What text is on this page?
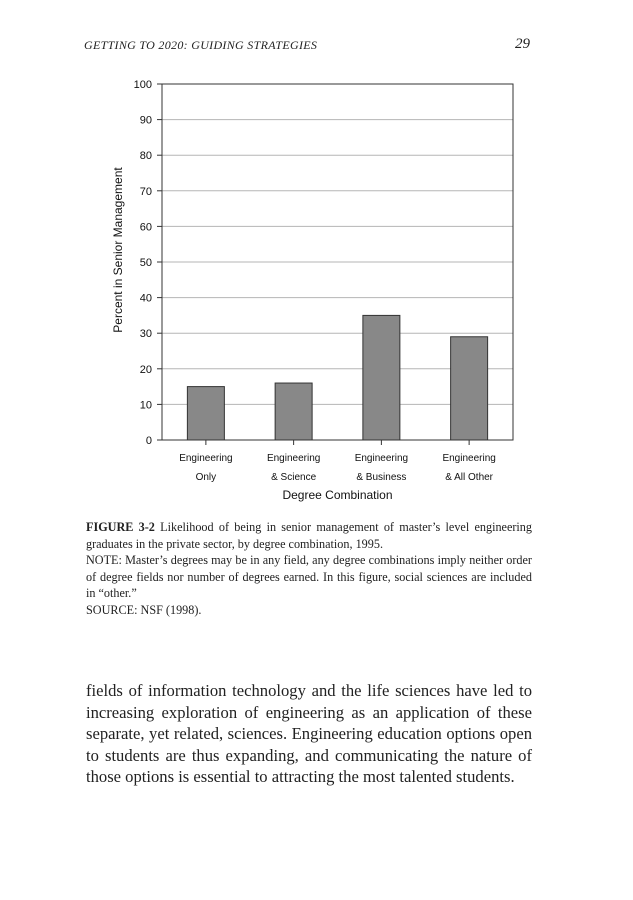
GETTING TO 2020: GUIDING STRATEGIES	29
0
10
20
30
40
50
60
70
80
90
100
Engineering
Only
Engineering
& Science
Engineering
& Business
Engineering
& All Other
Degree Combination
Percent in Senior Management

FIGURE 3-2 Likelihood of being in senior management of master’s level engineering graduates in the private sector, by degree combination, 1995.

NOTE: Master’s degrees may be in any field, any degree combinations imply neither order of degree fields nor number of degrees earned. In this figure, social sciences are included in “other.”

SOURCE: NSF (1998).

fields of information technology and the life sciences have led to increasing exploration of engineering as an application of these separate, yet related, sciences. Engineering education options open to students are thus expanding, and communicating the nature of those options is essential to attracting the most talented students.
